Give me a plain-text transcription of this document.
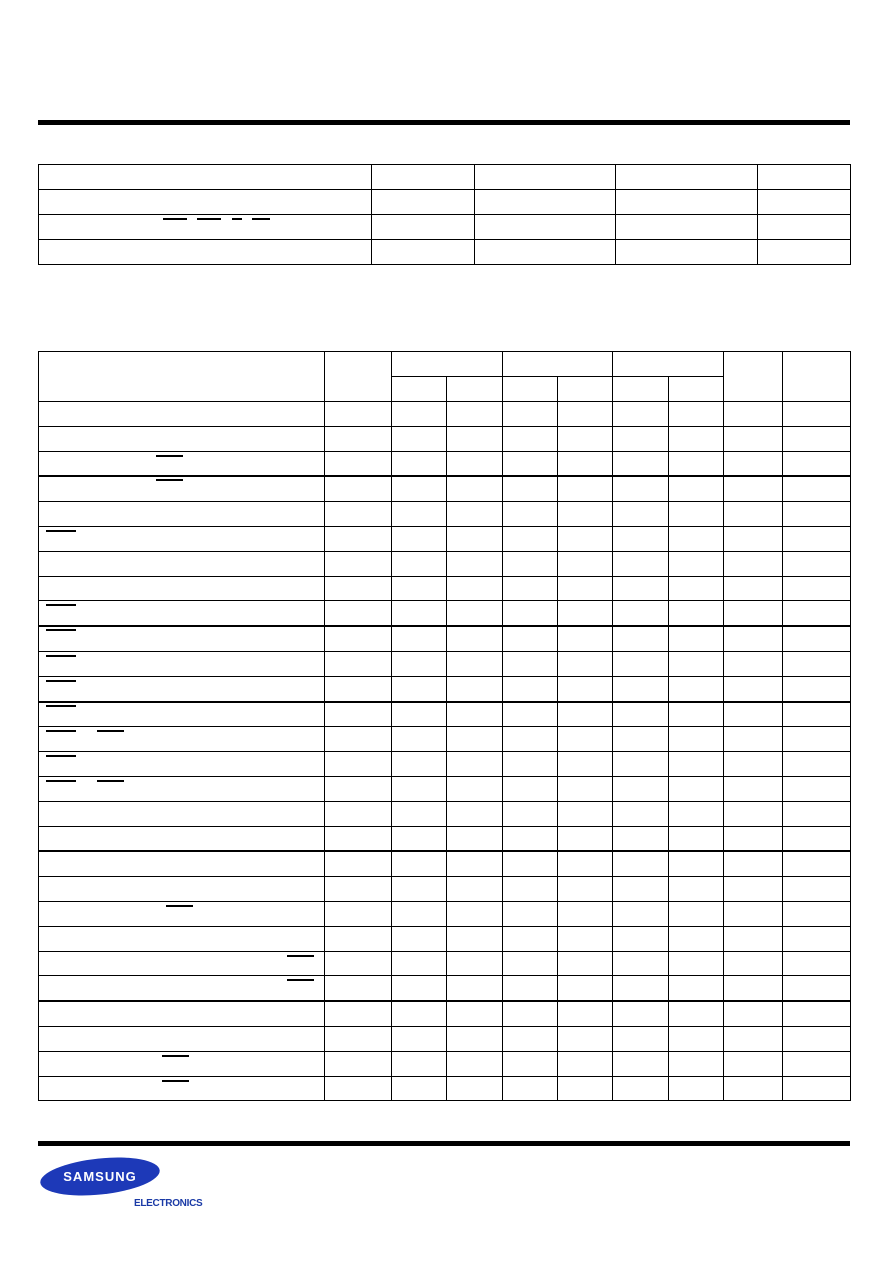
SAMSUNG
ELECTRONICS
